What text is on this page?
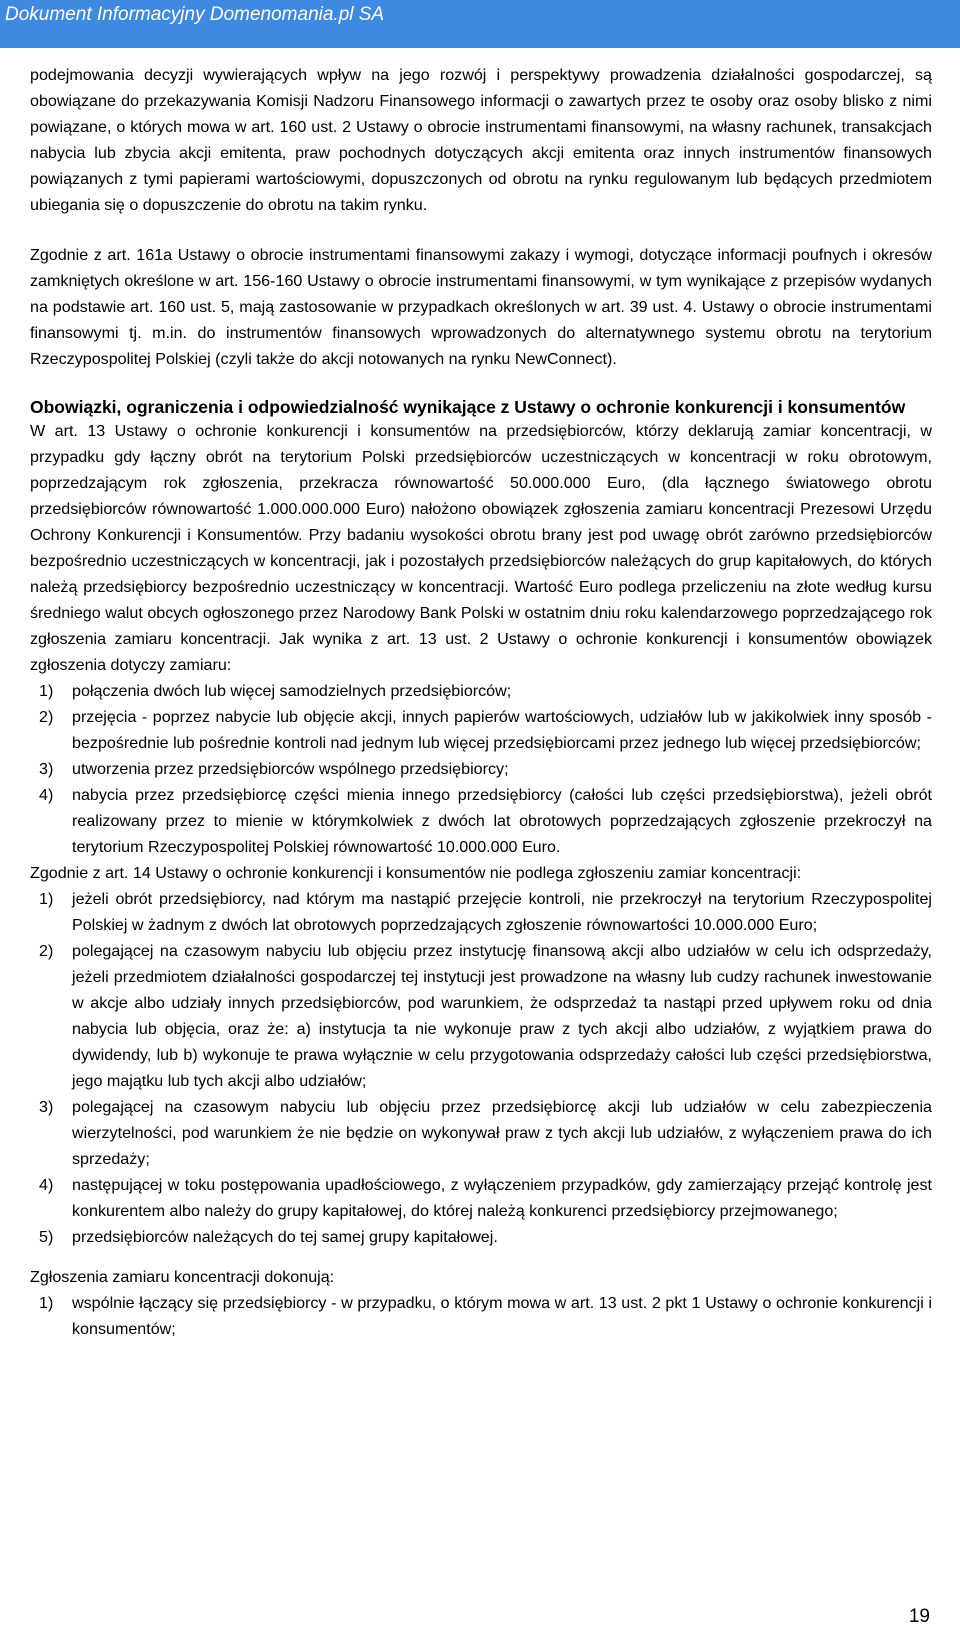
Dokument Informacyjny Domenomania.pl SA

podejmowania decyzji wywierających wpływ na jego rozwój i perspektywy prowadzenia działalności gospodarczej, są obowiązane do przekazywania Komisji Nadzoru Finansowego informacji o zawartych przez te osoby oraz osoby blisko z nimi powiązane, o których mowa w art. 160 ust. 2 Ustawy o obrocie instrumentami finansowymi, na własny rachunek, transakcjach nabycia lub zbycia akcji emitenta, praw pochodnych dotyczących akcji emitenta oraz innych instrumentów finansowych powiązanych z tymi papierami wartościowymi, dopuszczonych od obrotu na rynku regulowanym lub będących przedmiotem ubiegania się o dopuszczenie do obrotu na takim rynku.

Zgodnie z art. 161a Ustawy o obrocie instrumentami finansowymi zakazy i wymogi, dotyczące informacji poufnych i okresów zamkniętych określone w art. 156-160 Ustawy o obrocie instrumentami finansowymi, w tym wynikające z przepisów wydanych na podstawie art. 160 ust. 5, mają zastosowanie w przypadkach określonych w art. 39 ust. 4. Ustawy o obrocie instrumentami finansowymi tj. m.in. do instrumentów finansowych wprowadzonych do alternatywnego systemu obrotu na terytorium Rzeczypospolitej Polskiej (czyli także do akcji notowanych na rynku NewConnect).

Obowiązki, ograniczenia i odpowiedzialność wynikające z Ustawy o ochronie konkurencji i konsumentów

W art. 13 Ustawy o ochronie konkurencji i konsumentów na przedsiębiorców, którzy deklarują zamiar koncentracji, w przypadku gdy łączny obrót na terytorium Polski przedsiębiorców uczestniczących w koncentracji w roku obrotowym, poprzedzającym rok zgłoszenia, przekracza równowartość 50.000.000 Euro, (dla łącznego światowego obrotu przedsiębiorców równowartość 1.000.000.000 Euro) nałożono obowiązek zgłoszenia zamiaru koncentracji Prezesowi Urzędu Ochrony Konkurencji i Konsumentów. Przy badaniu wysokości obrotu brany jest pod uwagę obrót zarówno przedsiębiorców bezpośrednio uczestniczących w koncentracji, jak i pozostałych przedsiębiorców należących do grup kapitałowych, do których należą przedsiębiorcy bezpośrednio uczestniczący w koncentracji. Wartość Euro podlega przeliczeniu na złote według kursu średniego walut obcych ogłoszonego przez Narodowy Bank Polski w ostatnim dniu roku kalendarzowego poprzedzającego rok zgłoszenia zamiaru koncentracji. Jak wynika z art. 13 ust. 2 Ustawy o ochronie konkurencji i konsumentów obowiązek zgłoszenia dotyczy zamiaru:

1) połączenia dwóch lub więcej samodzielnych przedsiębiorców;
2) przejęcia - poprzez nabycie lub objęcie akcji, innych papierów wartościowych, udziałów lub w jakikolwiek inny sposób - bezpośrednie lub pośrednie kontroli nad jednym lub więcej przedsiębiorcami przez jednego lub więcej przedsiębiorców;
3) utworzenia przez przedsiębiorców wspólnego przedsiębiorcy;
4) nabycia przez przedsiębiorcę części mienia innego przedsiębiorcy (całości lub części przedsiębiorstwa), jeżeli obrót realizowany przez to mienie w którymkolwiek z dwóch lat obrotowych poprzedzających zgłoszenie przekroczył na terytorium Rzeczypospolitej Polskiej równowartość 10.000.000 Euro.

Zgodnie z art. 14 Ustawy o ochronie konkurencji i konsumentów nie podlega zgłoszeniu zamiar koncentracji:

1) jeżeli obrót przedsiębiorcy, nad którym ma nastąpić przejęcie kontroli, nie przekroczył na terytorium Rzeczypospolitej Polskiej w żadnym z dwóch lat obrotowych poprzedzających zgłoszenie równowartości 10.000.000 Euro;
2) polegającej na czasowym nabyciu lub objęciu przez instytucję finansową akcji albo udziałów w celu ich odsprzedaży, jeżeli przedmiotem działalności gospodarczej tej instytucji jest prowadzone na własny lub cudzy rachunek inwestowanie w akcje albo udziały innych przedsiębiorców, pod warunkiem, że odsprzedaż ta nastąpi przed upływem roku od dnia nabycia lub objęcia, oraz że: a) instytucja ta nie wykonuje praw z tych akcji albo udziałów, z wyjątkiem prawa do dywidendy, lub b) wykonuje te prawa wyłącznie w celu przygotowania odsprzedaży całości lub części przedsiębiorstwa, jego majątku lub tych akcji albo udziałów;
3) polegającej na czasowym nabyciu lub objęciu przez przedsiębiorcę akcji lub udziałów w celu zabezpieczenia wierzytelności, pod warunkiem że nie będzie on wykonywał praw z tych akcji lub udziałów, z wyłączeniem prawa do ich sprzedaży;
4) następującej w toku postępowania upadłościowego, z wyłączeniem przypadków, gdy zamierzający przejąć kontrolę jest konkurentem albo należy do grupy kapitałowej, do której należą konkurenci przedsiębiorcy przejmowanego;
5) przedsiębiorców należących do tej samej grupy kapitałowej.

Zgłoszenia zamiaru koncentracji dokonują:

1) wspólnie łączący się przedsiębiorcy - w przypadku, o którym mowa w art. 13 ust. 2 pkt 1 Ustawy o ochronie konkurencji i konsumentów;
19
